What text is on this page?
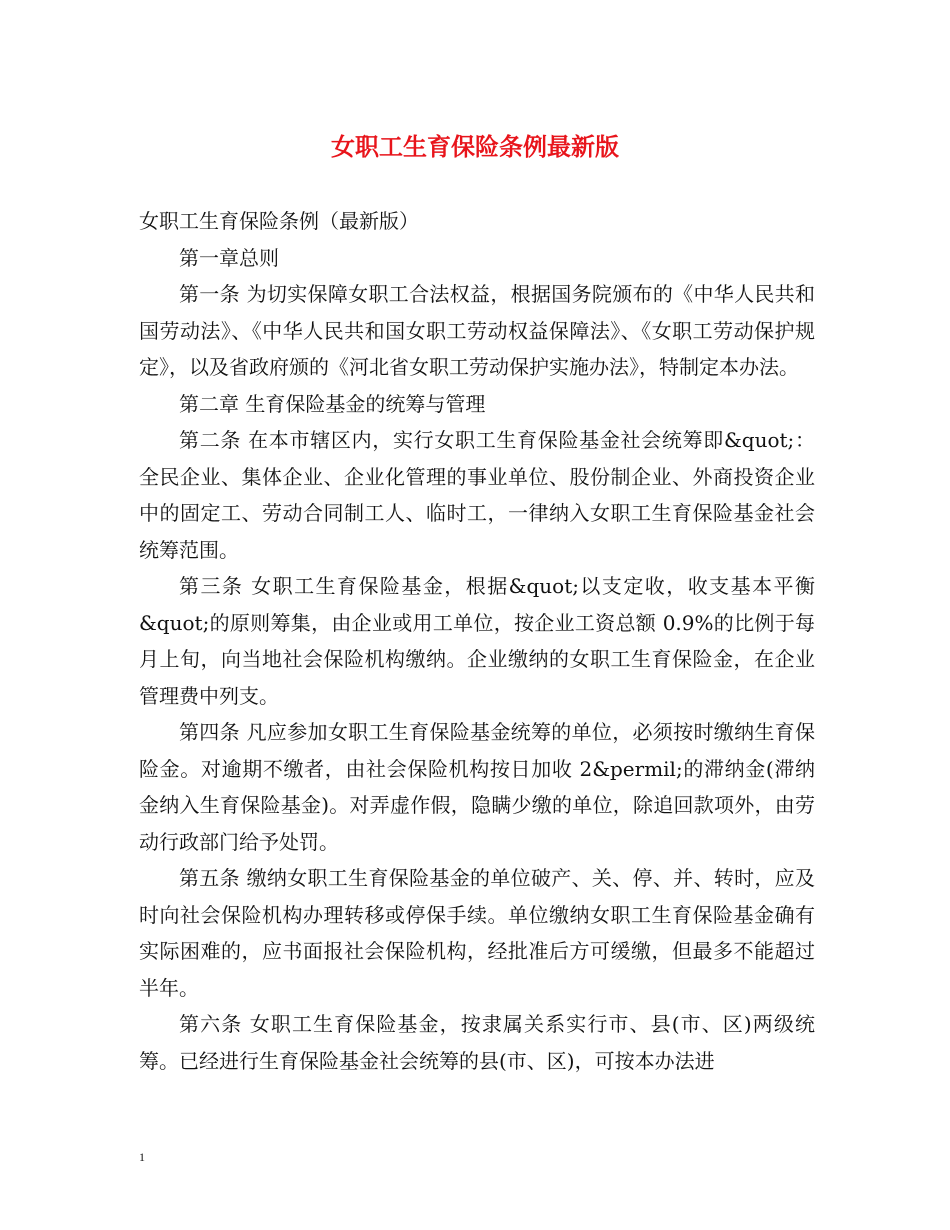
女职工生育保险条例最新版

女职工生育保险条例（最新版）

第一章总则

第一条 为切实保障女职工合法权益，根据国务院颁布的《中华人民共和国劳动法》、《中华人民共和国女职工劳动权益保障法》、《女职工劳动保护规定》，以及省政府颁的《河北省女职工劳动保护实施办法》，特制定本办法。

第二章 生育保险基金的统筹与管理

第二条 在本市辖区内，实行女职工生育保险基金社会统筹即&quot;：全民企业、集体企业、企业化管理的事业单位、股份制企业、外商投资企业中的固定工、劳动合同制工人、临时工，一律纳入女职工生育保险基金社会统筹范围。

第三条 女职工生育保险基金，根据&quot;以支定收，收支基本平衡&quot;的原则筹集，由企业或用工单位，按企业工资总额 0.9%的比例于每月上旬，向当地社会保险机构缴纳。企业缴纳的女职工生育保险金，在企业管理费中列支。

第四条 凡应参加女职工生育保险基金统筹的单位，必须按时缴纳生育保险金。对逾期不缴者，由社会保险机构按日加收 2&permil;的滞纳金(滞纳金纳入生育保险基金)。对弄虚作假，隐瞒少缴的单位，除追回款项外，由劳动行政部门给予处罚。

第五条 缴纳女职工生育保险基金的单位破产、关、停、并、转时，应及时向社会保险机构办理转移或停保手续。单位缴纳女职工生育保险基金确有实际困难的，应书面报社会保险机构，经批准后方可缓缴，但最多不能超过半年。

第六条 女职工生育保险基金，按隶属关系实行市、县(市、区)两级统筹。已经进行生育保险基金社会统筹的县(市、区)，可按本办法进

1
